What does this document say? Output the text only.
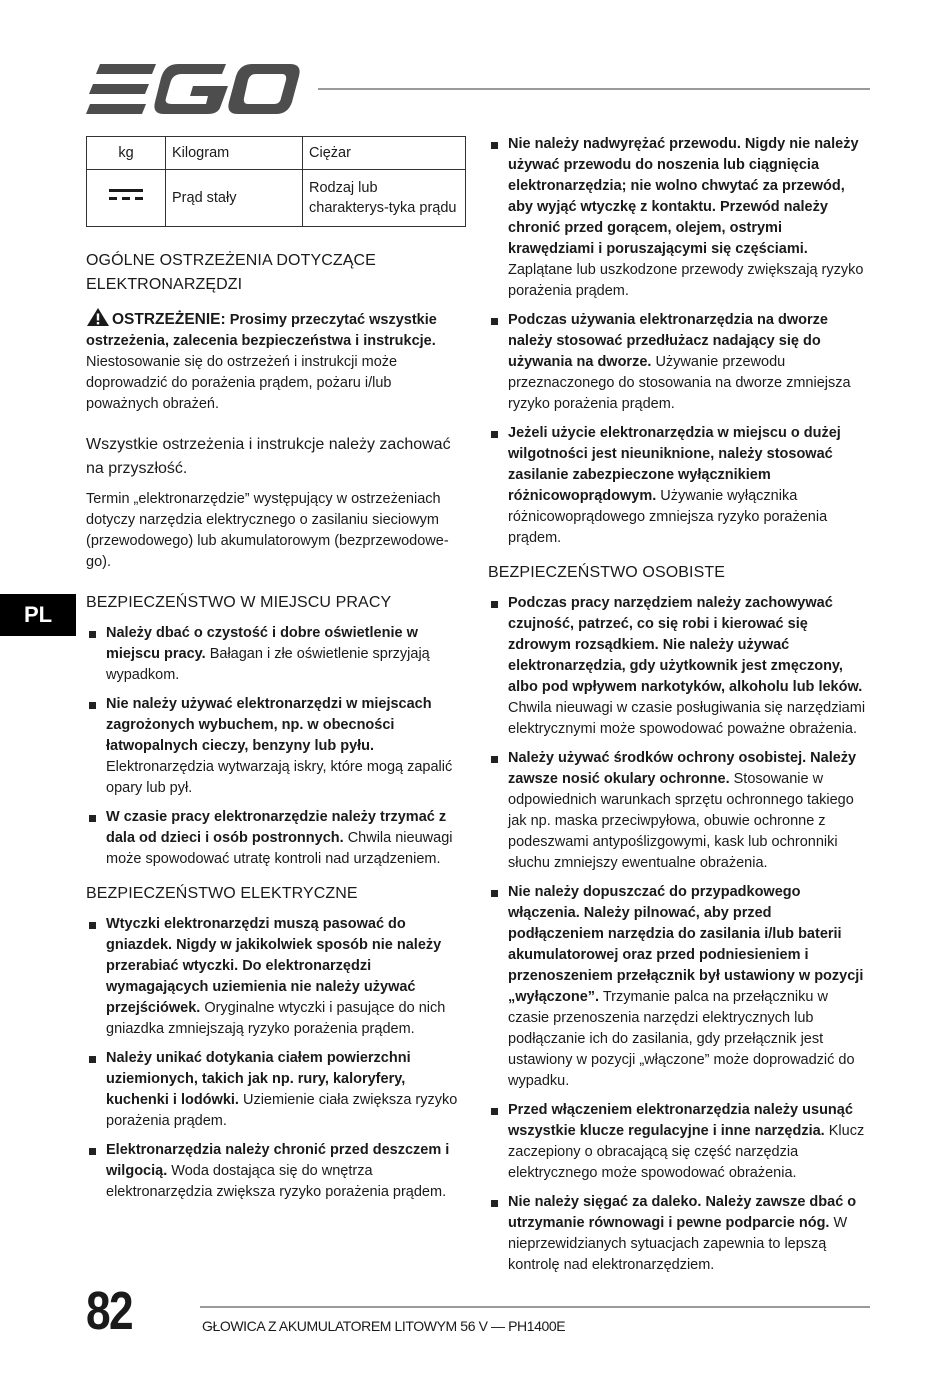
kg	Kilogram	Ciężar
	Prąd stały	Rodzaj lub charakterys-tyka prądu
OGÓLNE OSTRZEŻENIA DOTYCZĄCE ELEKTRONARZĘDZI

OSTRZEŻENIE: Prosimy przeczytać wszystkie ostrzeżenia, zalecenia bezpieczeństwa i instrukcje. Niestosowanie się do ostrzeżeń i instrukcji może doprowadzić do porażenia prądem, pożaru i/lub poważnych obrażeń.

Wszystkie ostrzeżenia i instrukcje należy zachować na przyszłość.

Termin „elektronarzędzie” występujący w ostrzeżeniach dotyczy narzędzia elektrycznego o zasilaniu sieciowym (przewodowego) lub akumulatorowym (bezprzewodowe-go).

BEZPIECZEŃSTWO W MIEJSCU PRACY
Należy dbać o czystość i dobre oświetlenie w miejscu pracy. Bałagan i złe oświetlenie sprzyjają wypadkom.
Nie należy używać elektronarzędzi w miejscach zagrożonych wybuchem, np. w obecności łatwopalnych cieczy, benzyny lub pyłu. Elektronarzędzia wytwarzają iskry, które mogą zapalić opary lub pył.
W czasie pracy elektronarzędzie należy trzymać z dala od dzieci i osób postronnych. Chwila nieuwagi może spowodować utratę kontroli nad urządzeniem.
BEZPIECZEŃSTWO ELEKTRYCZNE
Wtyczki elektronarzędzi muszą pasować do gniazdek. Nigdy w jakikolwiek sposób nie należy przerabiać wtyczki. Do elektronarzędzi wymagających uziemienia nie należy używać przejściówek. Oryginalne wtyczki i pasujące do nich gniazdka zmniejszają ryzyko porażenia prądem.
Należy unikać dotykania ciałem powierzchni uziemionych, takich jak np. rury, kaloryfery, kuchenki i lodówki. Uziemienie ciała zwiększa ryzyko porażenia prądem.
Elektronarzędzia należy chronić przed deszczem i wilgocią. Woda dostająca się do wnętrza elektronarzędzia zwiększa ryzyko porażenia prądem.
Nie należy nadwyrężać przewodu. Nigdy nie należy używać przewodu do noszenia lub ciągnięcia elektronarzędzia; nie wolno chwytać za przewód, aby wyjąć wtyczkę z kontaktu. Przewód należy chronić przed gorącem, olejem, ostrymi krawędziami i poruszającymi się częściami. Zaplątane lub uszkodzone przewody zwiększają ryzyko porażenia prądem.
Podczas używania elektronarzędzia na dworze należy stosować przedłużacz nadający się do używania na dworze. Używanie przewodu przeznaczonego do stosowania na dworze zmniejsza ryzyko porażenia prądem.
Jeżeli użycie elektronarzędzia w miejscu o dużej wilgotności jest nieuniknione, należy stosować zasilanie zabezpieczone wyłącznikiem różnicowoprądowym. Używanie wyłącznika różnicowoprądowego zmniejsza ryzyko porażenia prądem.
BEZPIECZEŃSTWO OSOBISTE
Podczas pracy narzędziem należy zachowywać czujność, patrzeć, co się robi i kierować się zdrowym rozsądkiem. Nie należy używać elektronarzędzia, gdy użytkownik jest zmęczony, albo pod wpływem narkotyków, alkoholu lub leków. Chwila nieuwagi w czasie posługiwania się narzędziami elektrycznymi może spowodować poważne obrażenia.
Należy używać środków ochrony osobistej. Należy zawsze nosić okulary ochronne. Stosowanie w odpowiednich warunkach sprzętu ochronnego takiego jak np. maska przeciwpyłowa, obuwie ochronne z podeszwami antypoślizgowymi, kask lub ochronniki słuchu zmniejszy ewentualne obrażenia.
Nie należy dopuszczać do przypadkowego włączenia. Należy pilnować, aby przed podłączeniem narzędzia do zasilania i/lub baterii akumulatorowej oraz przed podniesieniem i przenoszeniem przełącznik był ustawiony w pozycji „wyłączone”. Trzymanie palca na przełączniku w czasie przenoszenia narzędzi elektrycznych lub podłączanie ich do zasilania, gdy przełącznik jest ustawiony w pozycji „włączone” może doprowadzić do wypadku.
Przed włączeniem elektronarzędzia należy usunąć wszystkie klucze regulacyjne i inne narzędzia. Klucz zaczepiony o obracającą się część narzędzia elektrycznego może spowodować obrażenia.
Nie należy sięgać za daleko. Należy zawsze dbać o utrzymanie równowagi i pewne podparcie nóg. W nieprzewidzianych sytuacjach zapewnia to lepszą kontrolę nad elektronarzędziem.
PL
82	GŁOWICA Z AKUMULATOREM LITOWYM 56 V — PH1400E
